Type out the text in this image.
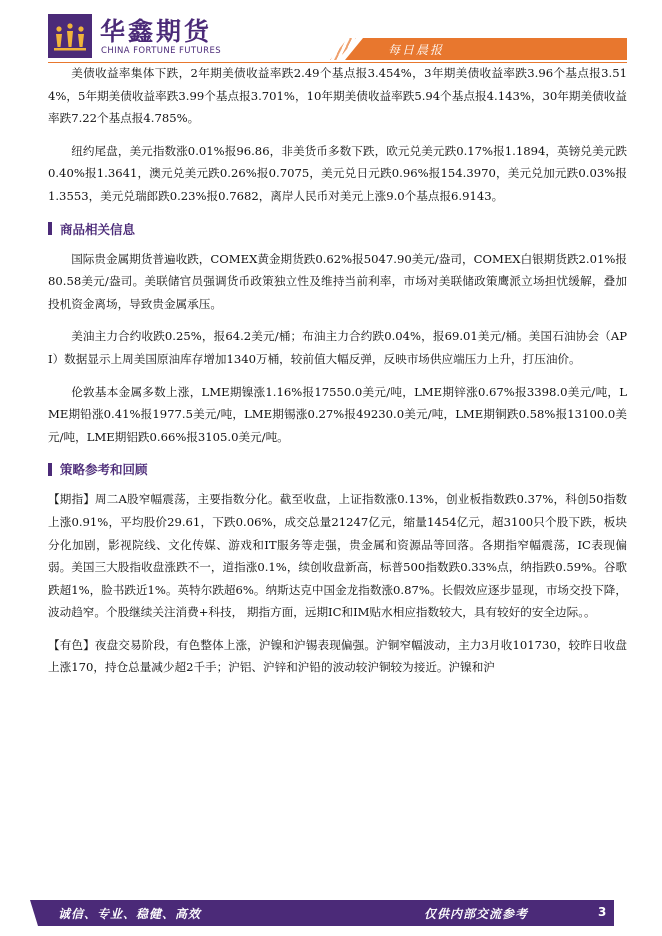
华鑫期货
CHINA FORTUNE FUTURES	每日晨报

美债收益率集体下跌，2年期美债收益率跌2.49个基点报3.454%，3年期美债收益率跌3.96个基点报3.514%，5年期美债收益率跌3.99个基点报3.701%，10年期美债收益率跌5.94个基点报4.143%，30年期美债收益率跌7.22个基点报4.785%。

纽约尾盘，美元指数涨0.01%报96.86，非美货币多数下跌，欧元兑美元跌0.17%报1.1894，英镑兑美元跌0.40%报1.3641，澳元兑美元跌0.26%报0.7075，美元兑日元跌0.96%报154.3970，美元兑加元跌0.03%报1.3553，美元兑瑞郎跌0.23%报0.7682，离岸人民币对美元上涨9.0个基点报6.9143。

商品相关信息

国际贵金属期货普遍收跌，COMEX黄金期货跌0.62%报5047.90美元/盎司，COMEX白银期货跌2.01%报80.58美元/盎司。美联储官员强调货币政策独立性及维持当前利率，市场对美联储政策鹰派立场担忧缓解，叠加投机资金离场，导致贵金属承压。

美油主力合约收跌0.25%，报64.2美元/桶；布油主力合约跌0.04%，报69.01美元/桶。美国石油协会（API）数据显示上周美国原油库存增加1340万桶，较前值大幅反弹，反映市场供应端压力上升，打压油价。

伦敦基本金属多数上涨，LME期镍涨1.16%报17550.0美元/吨，LME期锌涨0.67%报3398.0美元/吨，LME期铅涨0.41%报1977.5美元/吨，LME期锡涨0.27%报49230.0美元/吨，LME期铜跌0.58%报13100.0美元/吨，LME期铝跌0.66%报3105.0美元/吨。

策略参考和回顾

【期指】周二A股窄幅震荡，主要指数分化。截至收盘，上证指数涨0.13%，创业板指数跌0.37%，科创50指数上涨0.91%，平均股价29.61，下跌0.06%，成交总量21247亿元，缩量1454亿元，超3100只个股下跌，板块分化加剧，影视院线、文化传媒、游戏和IT服务等走强，贵金属和资源品等回落。各期指窄幅震荡，IC表现偏弱。美国三大股指收盘涨跌不一，道指涨0.1%，续创收盘新高，标普500指数跌0.33%点，纳指跌0.59%。谷歌跌超1%，脸书跌近1%。英特尔跌超6%。纳斯达克中国金龙指数涨0.87%。长假效应逐步显现，市场交投下降，波动趋窄。个股继续关注消费+科技， 期指方面，远期IC和IM贴水相应指数较大，具有较好的安全边际。。

【有色】夜盘交易阶段，有色整体上涨，沪镍和沪锡表现偏强。沪铜窄幅波动，主力3月收101730，较昨日收盘上涨170，持仓总量减少超2千手；沪铝、沪锌和沪铅的波动较沪铜较为接近。沪镍和沪

诚信、专业、稳健、高效	仅供内部交流参考	3
